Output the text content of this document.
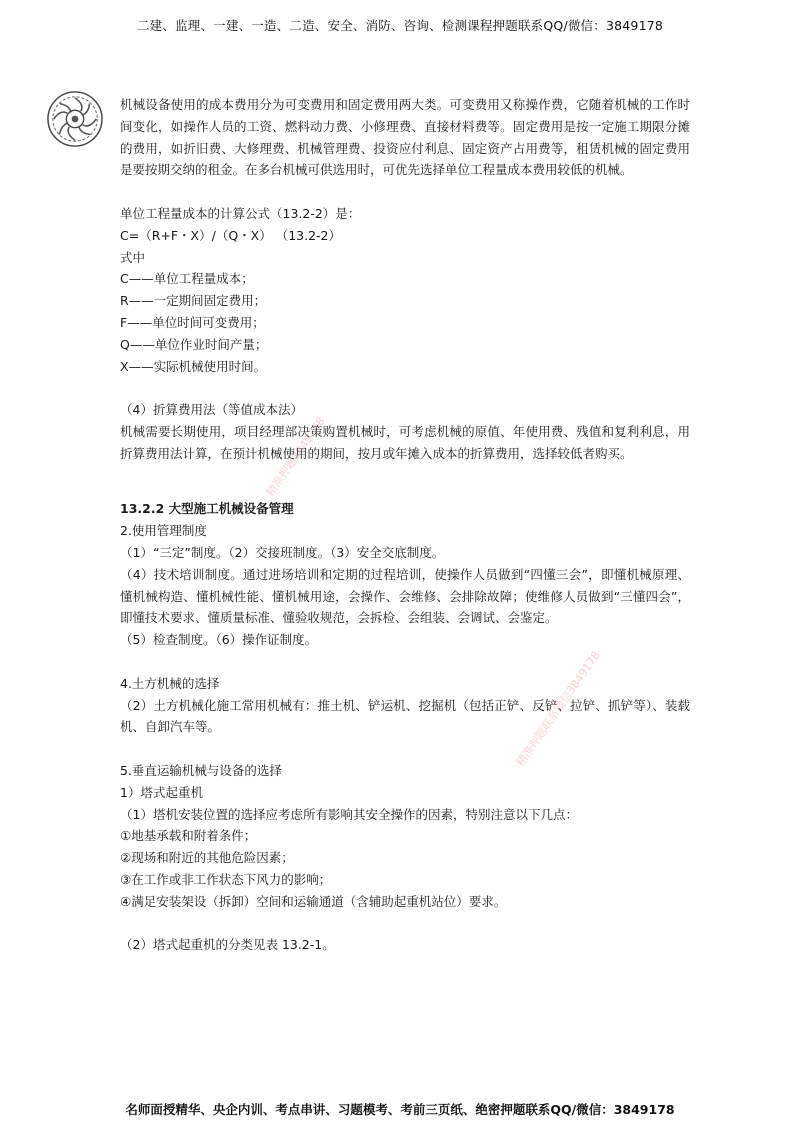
二建、监理、一建、一造、二造、安全、消防、咨询、检测课程押题联系QQ/微信：3849178

机械设备使用的成本费用分为可变费用和固定费用两大类。可变费用又称操作费，它随着机械的工作时间变化，如操作人员的工资、燃料动力费、小修理费、直接材料费等。固定费用是按一定施工期限分摊的费用，如折旧费、大修理费、机械管理费、投资应付利息、固定资产占用费等，租赁机械的固定费用是要按期交纳的租金。在多台机械可供选用时，可优先选择单位工程量成本费用较低的机械。

单位工程量成本的计算公式（13.2-2）是：

C=（R+F・X）/（Q・X） （13.2-2）

式中

C——单位工程量成本；

R——一定期间固定费用；

F——单位时间可变费用；

Q——单位作业时间产量；

X——实际机械使用时间。

（4）折算费用法（等值成本法）

机械需要长期使用，项目经理部决策购置机械时，可考虑机械的原值、年使用费、残值和复利利息，用折算费用法计算，在预计机械使用的期间，按月或年摊入成本的折算费用，选择较低者购买。

13.2.2 大型施工机械设备管理

2.使用管理制度

（1）“三定”制度。（2）交接班制度。（3）安全交底制度。

（4）技术培训制度。通过进场培训和定期的过程培训，使操作人员做到“四懂三会”，即懂机械原理、懂机械构造、懂机械性能、懂机械用途，会操作、会维修、会排除故障；使维修人员做到“三懂四会”，即懂技术要求、懂质量标准、懂验收规范，会拆检、会组装、会调试、会鉴定。

（5）检查制度。（6）操作证制度。

4.土方机械的选择

（2）土方机械化施工常用机械有：推土机、铲运机、挖掘机（包括正铲、反铲、拉铲、抓铲等）、装载机、自卸汽车等。

5.垂直运输机械与设备的选择

1）塔式起重机

（1）塔机安装位置的选择应考虑所有影响其安全操作的因素，特别注意以下几点：

①地基承载和附着条件；

②现场和附近的其他危险因素；

③在工作或非工作状态下风力的影响；

④满足安装架设（拆卸）空间和运输通道（含辅助起重机站位）要求。

（2）塔式起重机的分类见表 13.2-1。

精准押题3849178
精准押题联系微信3849178
名师面授精华、央企内训、考点串讲、习题模考、考前三页纸、绝密押题联系QQ/微信：3849178
